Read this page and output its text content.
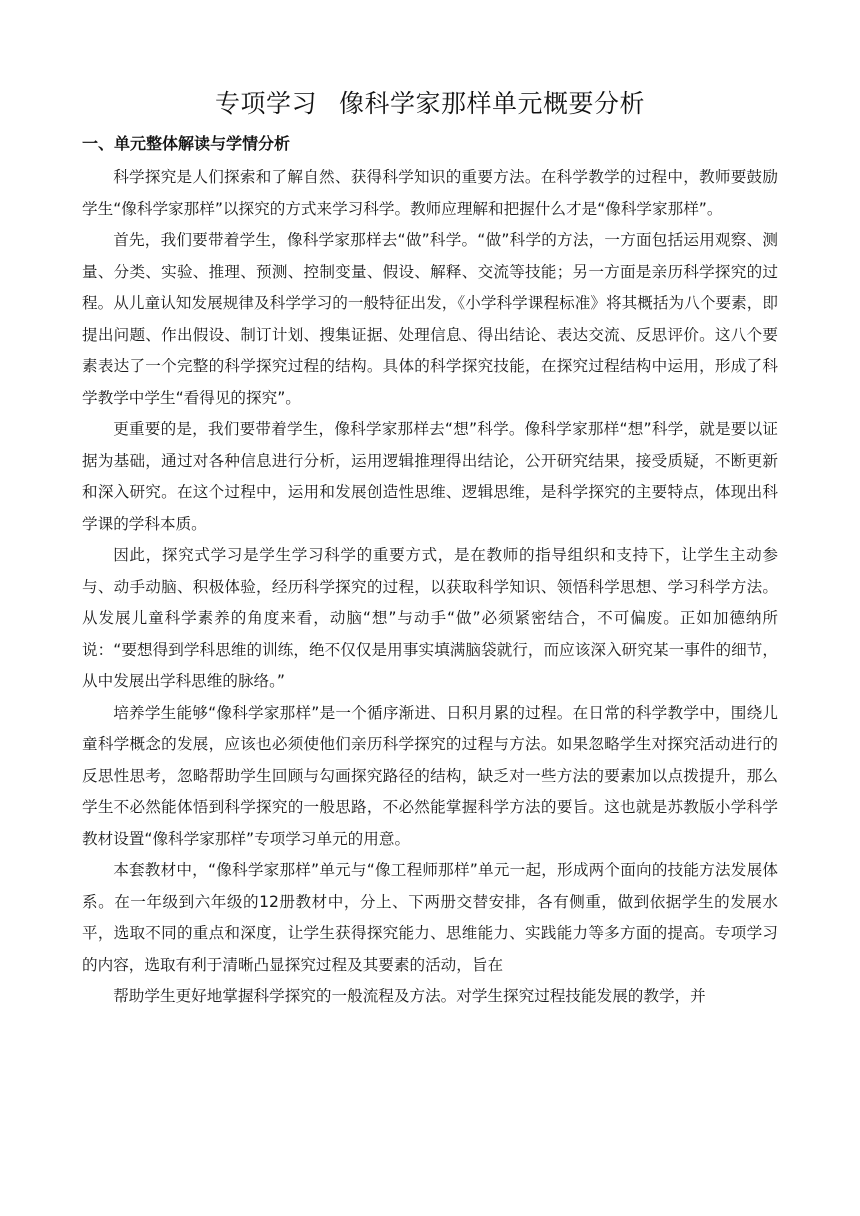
专项学习 像科学家那样单元概要分析
一、单元整体解读与学情分析

科学探究是人们探索和了解自然、获得科学知识的重要方法。在科学教学的过程中，教师要鼓励学生“像科学家那样”以探究的方式来学习科学。教师应理解和把握什么才是“像科学家那样”。

首先，我们要带着学生，像科学家那样去“做”科学。“做”科学的方法，一方面包括运用观察、测量、分类、实验、推理、预测、控制变量、假设、解释、交流等技能；另一方面是亲历科学探究的过程。从儿童认知发展规律及科学学习的一般特征出发，《小学科学课程标准》将其概括为八个要素，即提出问题、作出假设、制订计划、搜集证据、处理信息、得出结论、表达交流、反思评价。这八个要素表达了一个完整的科学探究过程的结构。具体的科学探究技能，在探究过程结构中运用，形成了科学教学中学生“看得见的探究”。

更重要的是，我们要带着学生，像科学家那样去“想”科学。像科学家那样“想”科学，就是要以证据为基础，通过对各种信息进行分析，运用逻辑推理得出结论，公开研究结果，接受质疑，不断更新和深入研究。在这个过程中，运用和发展创造性思维、逻辑思维，是科学探究的主要特点，体现出科学课的学科本质。

因此，探究式学习是学生学习科学的重要方式，是在教师的指导组织和支持下，让学生主动参与、动手动脑、积极体验，经历科学探究的过程，以获取科学知识、领悟科学思想、学习科学方法。从发展儿童科学素养的角度来看，动脑“想”与动手“做”必须紧密结合，不可偏废。正如加德纳所说：“要想得到学科思维的训练，绝不仅仅是用事实填满脑袋就行，而应该深入研究某一事件的细节，从中发展出学科思维的脉络。”

培养学生能够“像科学家那样”是一个循序渐进、日积月累的过程。在日常的科学教学中，围绕儿童科学概念的发展，应该也必须使他们亲历科学探究的过程与方法。如果忽略学生对探究活动进行的反思性思考，忽略帮助学生回顾与勾画探究路径的结构，缺乏对一些方法的要素加以点拨提升，那么学生不必然能体悟到科学探究的一般思路，不必然能掌握科学方法的要旨。这也就是苏教版小学科学教材设置“像科学家那样”专项学习单元的用意。

本套教材中，“像科学家那样”单元与“像工程师那样”单元一起，形成两个面向的技能方法发展体系。在一年级到六年级的12册教材中，分上、下两册交替安排，各有侧重，做到依据学生的发展水平，选取不同的重点和深度，让学生获得探究能力、思维能力、实践能力等多方面的提高。专项学习的内容，选取有利于清晰凸显探究过程及其要素的活动，旨在

帮助学生更好地掌握科学探究的一般流程及方法。对学生探究过程技能发展的教学，并
